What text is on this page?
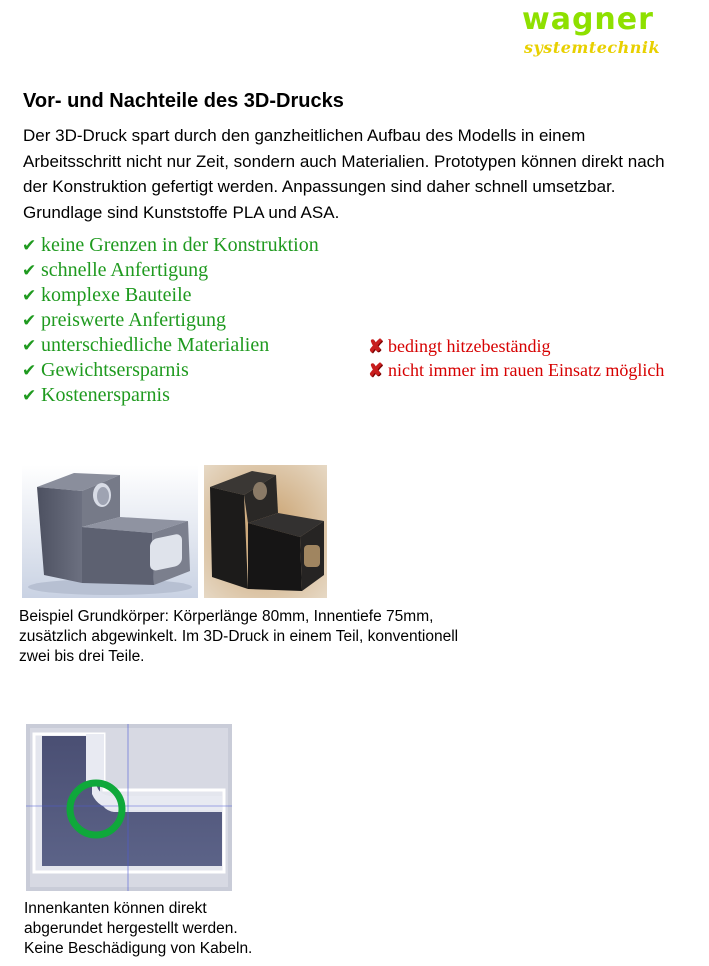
wagner
systemtechnik
Vor- und Nachteile des 3D-Drucks

Der 3D-Druck spart durch den ganzheitlichen Aufbau des Modells in einem Arbeitsschritt nicht nur Zeit, sondern auch Materialien. Prototypen können direkt nach der Konstruktion gefertigt werden. Anpassungen sind daher schnell umsetzbar. Grundlage sind Kunststoffe PLA und ASA.

✔ keine Grenzen in der Konstruktion
✔ schnelle Anfertigung
✔ komplexe Bauteile
✔ preiswerte Anfertigung
✔ unterschiedliche Materialien
✔ Gewichtsersparnis
✔ Kostenersparnis
✘ bedingt hitzebeständig
✘ nicht immer im rauen Einsatz möglich

Beispiel Grundkörper: Körperlänge 80mm, Innentiefe 75mm, zusätzlich abgewinkelt. Im 3D-Druck in einem Teil, konventionell zwei bis drei Teile.

Innenkanten können direkt
abgerundet hergestellt werden.
Keine Beschädigung von Kabeln.
